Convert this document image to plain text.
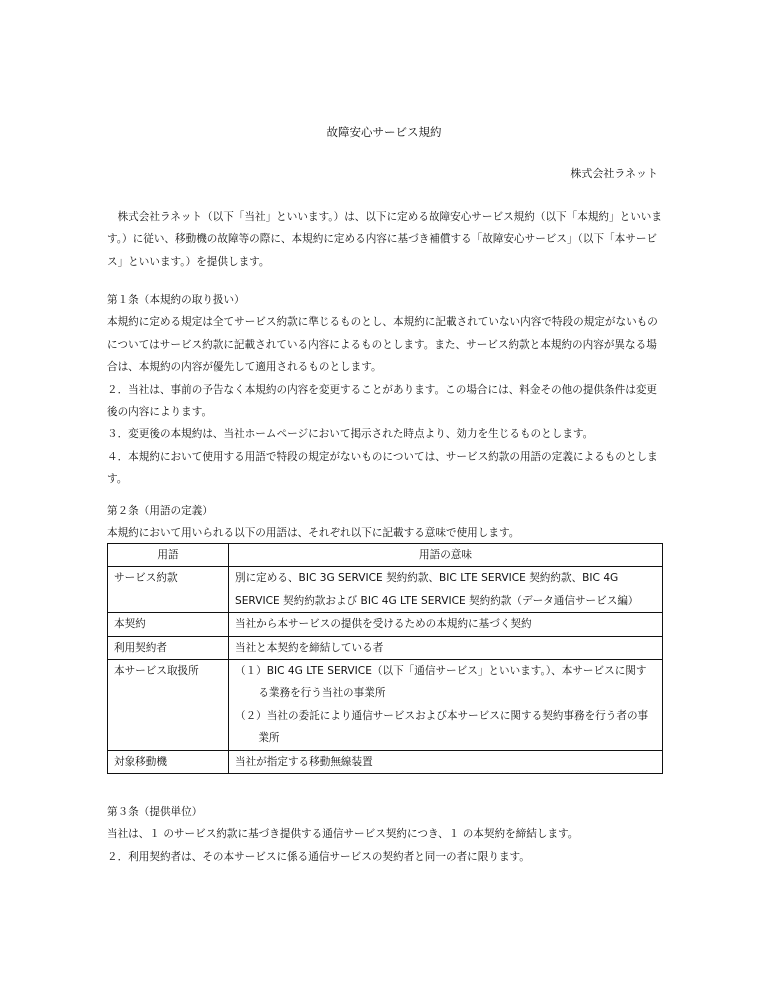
故障安心サービス規約
株式会社ラネット

株式会社ラネット（以下「当社」といいます。）は、以下に定める故障安心サービス規約（以下「本規約」といいます。）に従い、移動機の故障等の際に、本規約に定める内容に基づき補償する「故障安心サービス」（以下「本サービス」といいます。）を提供します。

第１条（本規約の取り扱い）

本規約に定める規定は全てサービス約款に準じるものとし、本規約に記載されていない内容で特段の規定がないものについてはサービス約款に記載されている内容によるものとします。また、サービス約款と本規約の内容が異なる場合は、本規約の内容が優先して適用されるものとします。

２．当社は、事前の予告なく本規約の内容を変更することがあります。この場合には、料金その他の提供条件は変更後の内容によります。

３．変更後の本規約は、当社ホームページにおいて掲示された時点より、効力を生じるものとします。

４．本規約において使用する用語で特段の規定がないものについては、サービス約款の用語の定義によるものとします。

第２条（用語の定義）

本規約において用いられる以下の用語は、それぞれ以下に記載する意味で使用します。

用語	用語の意味
サービス約款	別に定める、BIC 3G SERVICE 契約約款、BIC LTE SERVICE 契約約款、BIC 4G SERVICE 契約約款および BIC 4G LTE SERVICE 契約約款（データ通信サービス編）
本契約	当社から本サービスの提供を受けるための本規約に基づく契約
利用契約者	当社と本契約を締結している者
本サービス取扱所	（１）BIC 4G LTE SERVICE（以下「通信サービス」といいます。）、本サービスに関する業務を行う当社の事業所
（２）当社の委託により通信サービスおよび本サービスに関する契約事務を行う者の事業所

対象移動機	当社が指定する移動無線装置

第３条（提供単位）

当社は、１ のサービス約款に基づき提供する通信サービス契約につき、１ の本契約を締結します。

２．利用契約者は、その本サービスに係る通信サービスの契約者と同一の者に限ります。
